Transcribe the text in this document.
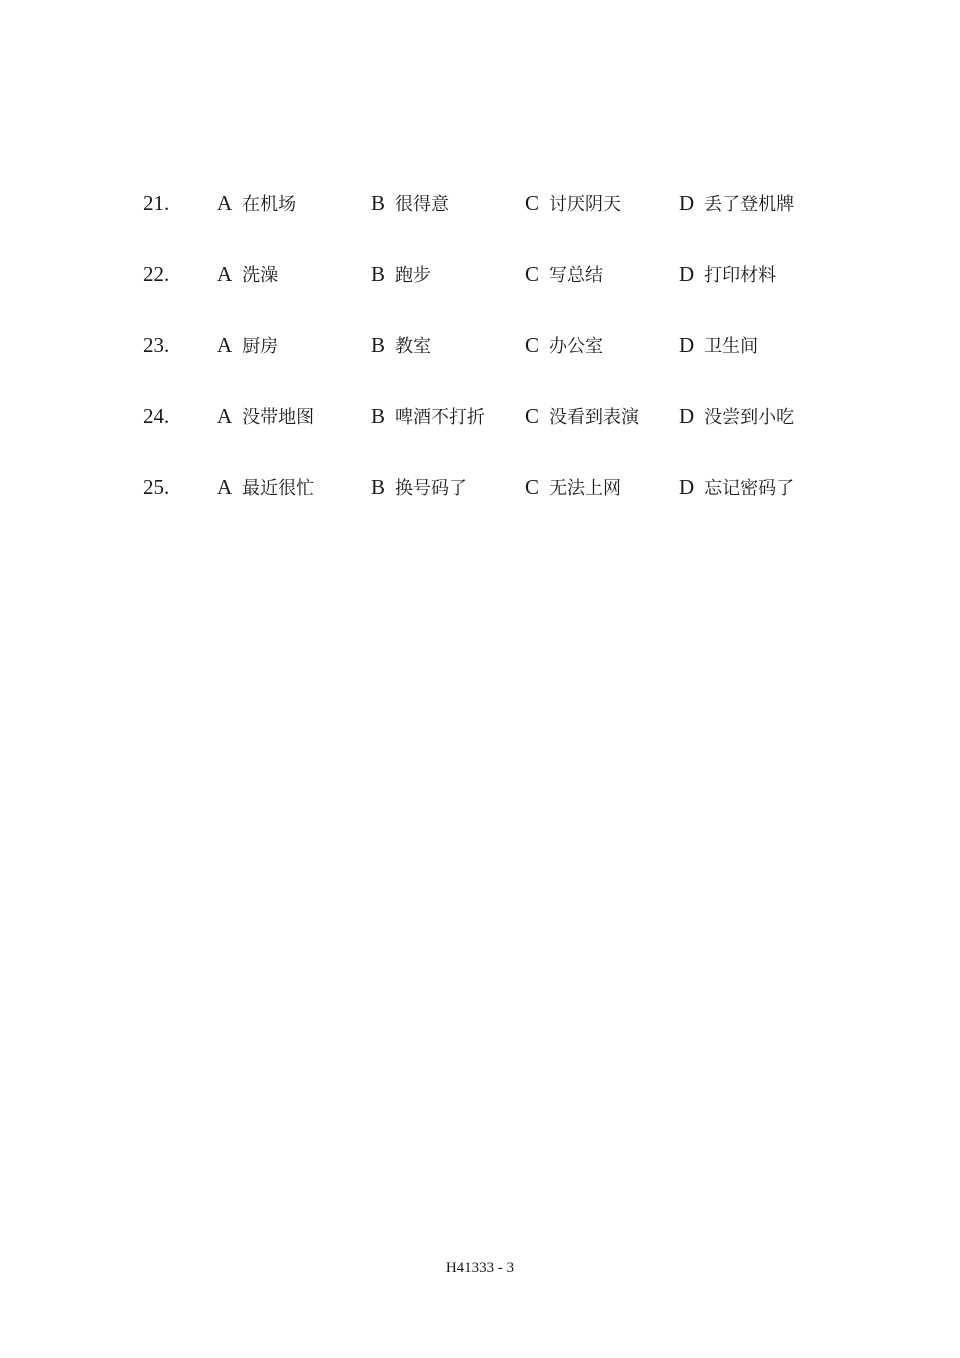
21. A 在机场	B 很得意	C 讨厌阴天	D 丢了登机牌
22. A 洗澡	B 跑步	C 写总结	D 打印材料
23. A 厨房	B 教室	C 办公室	D 卫生间
24. A 没带地图	B 啤酒不打折 C 没看到表演 D 没尝到小吃
25. A 最近很忙	B 换号码了	C 无法上网	D 忘记密码了
H41333 - 3
